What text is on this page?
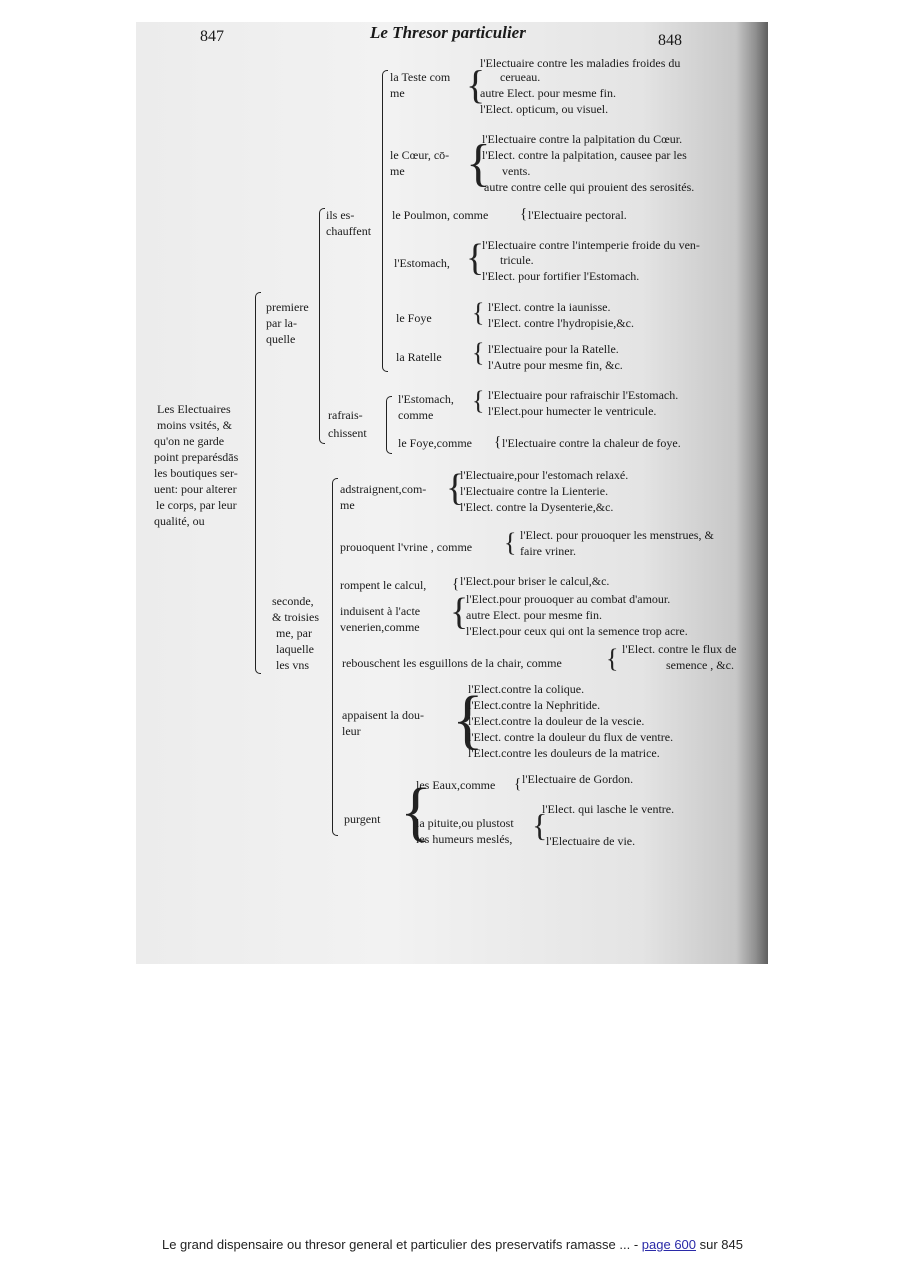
847	Le Thresor particulier	848
Les Electuaires
moins vsités, &
qu'on ne garde
point preparésdās
les boutiques ser-
uent: pour alterer
le corps, par leur
qualité, ou
premiere
par la-
quelle
ils es-
chauffent
la Teste com
me {
l'Electuaire contre les maladies froides du
cerueau.
autre Elect. pour mesme fin.
l'Elect. opticum, ou visuel.
le Cœur, cō-
me {
l'Electuaire contre la palpitation du Cœur.
l'Elect. contre la palpitation, causee par les
vents.
autre contre celle qui prouient des serosités.
le Poulmon, comme { l'Electuaire pectoral.
l'Estomach, {
l'Electuaire contre l'intemperie froide du ven-
tricule.
l'Elect. pour fortifier l'Estomach.
le Foye { l'Elect. contre la iaunisse.
l'Elect. contre l'hydropisie,&c.
la Ratelle { l'Electuaire pour la Ratelle.
l'Autre pour mesme fin, &c.
rafrais-
chissent
l'Estomach,
comme { l'Electuaire pour rafraischir l'Estomach.
l'Elect.pour humecter le ventricule.
le Foye,comme { l'Electuaire contre la chaleur de foye.
seconde,
& troisies
me, par
laquelle
les vns
adstraignent,com-
me {
l'Electuaire,pour l'estomach relaxé.
l'Electuaire contre la Lienterie.
l'Elect. contre la Dysenterie,&c.
prouoquent l'vrine , comme { l'Elect. pour prouoquer les menstrues, &
faire vriner.
rompent le calcul, { l'Elect.pour briser le calcul,&c.
induisent à l'acte
venerien,comme {
l'Elect.pour prouoquer au combat d'amour.
autre Elect. pour mesme fin.
l'Elect.pour ceux qui ont la semence trop acre.
rebouschent les esguillons de la chair, comme { l'Elect. contre le flux de
semence , &c.
appaisent la dou-
leur {
l'Elect.contre la colique.
l'Elect.contre la Nephritide.
l'Elect.contre la douleur de la vescie.
l'Elect. contre la douleur du flux de ventre.
l'Elect.contre les douleurs de la matrice.
purgent {
les Eaux,comme { l'Electuaire de Gordon.
la pituite,ou plustost
les humeurs meslés, {
l'Elect. qui lasche le ventre.
l'Electuaire de vie.
Le grand dispensaire ou thresor general et particulier des preservatifs ramasse ... - page 600 sur 845
